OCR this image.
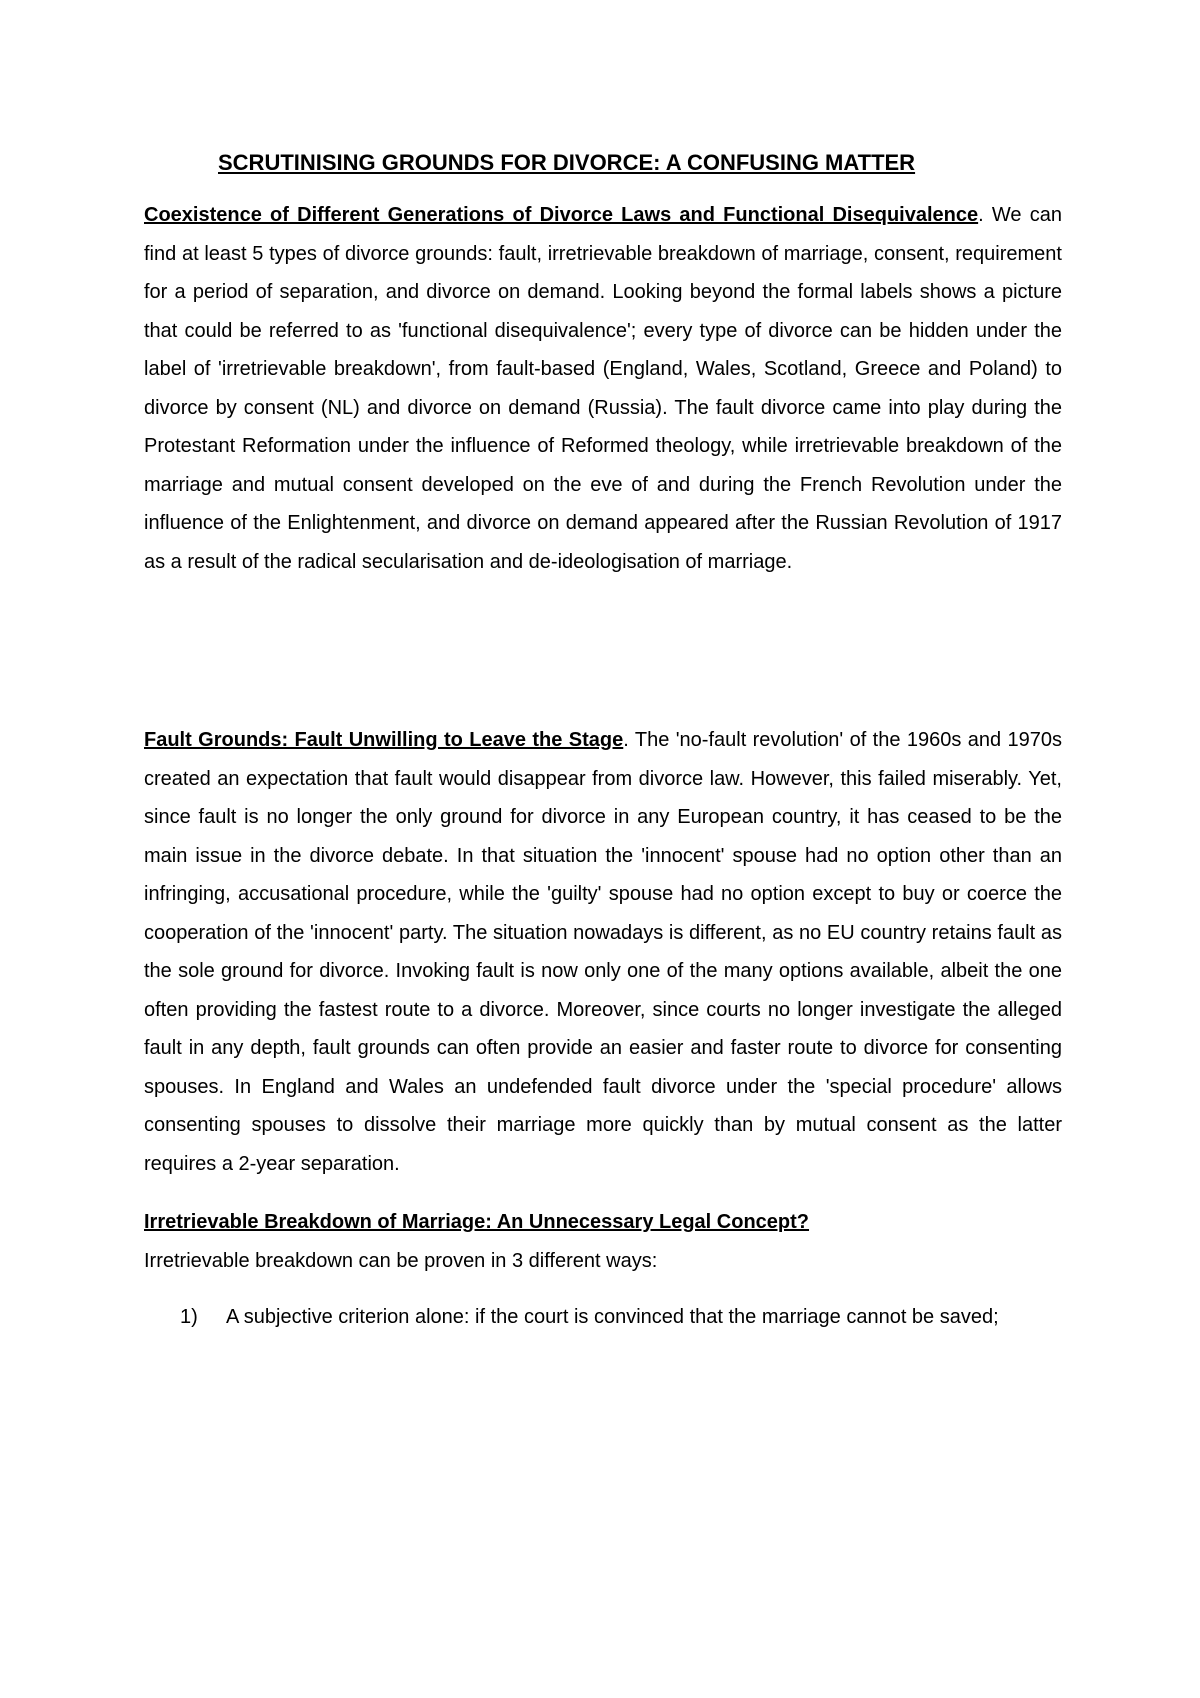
SCRUTINISING GROUNDS FOR DIVORCE: A CONFUSING MATTER

Coexistence of Different Generations of Divorce Laws and Functional Disequivalence. We can find at least 5 types of divorce grounds: fault, irretrievable breakdown of marriage, consent, requirement for a period of separation, and divorce on demand. Looking beyond the formal labels shows a picture that could be referred to as 'functional disequivalence'; every type of divorce can be hidden under the label of 'irretrievable breakdown', from fault-based (England, Wales, Scotland, Greece and Poland) to divorce by consent (NL) and divorce on demand (Russia). The fault divorce came into play during the Protestant Reformation under the influence of Reformed theology, while irretrievable breakdown of the marriage and mutual consent developed on the eve of and during the French Revolution under the influence of the Enlightenment, and divorce on demand appeared after the Russian Revolution of 1917 as a result of the radical secularisation and de-ideologisation of marriage.

Fault Grounds: Fault Unwilling to Leave the Stage. The 'no-fault revolution' of the 1960s and 1970s created an expectation that fault would disappear from divorce law. However, this failed miserably. Yet, since fault is no longer the only ground for divorce in any European country, it has ceased to be the main issue in the divorce debate. In that situation the 'innocent' spouse had no option other than an infringing, accusational procedure, while the 'guilty' spouse had no option except to buy or coerce the cooperation of the 'innocent' party. The situation nowadays is different, as no EU country retains fault as the sole ground for divorce. Invoking fault is now only one of the many options available, albeit the one often providing the fastest route to a divorce. Moreover, since courts no longer investigate the alleged fault in any depth, fault grounds can often provide an easier and faster route to divorce for consenting spouses. In England and Wales an undefended fault divorce under the 'special procedure' allows consenting spouses to dissolve their marriage more quickly than by mutual consent as the latter requires a 2-year separation.

Irretrievable Breakdown of Marriage: An Unnecessary Legal Concept?
Irretrievable breakdown can be proven in 3 different ways:

1)	A subjective criterion alone: if the court is convinced that the marriage cannot be saved;
